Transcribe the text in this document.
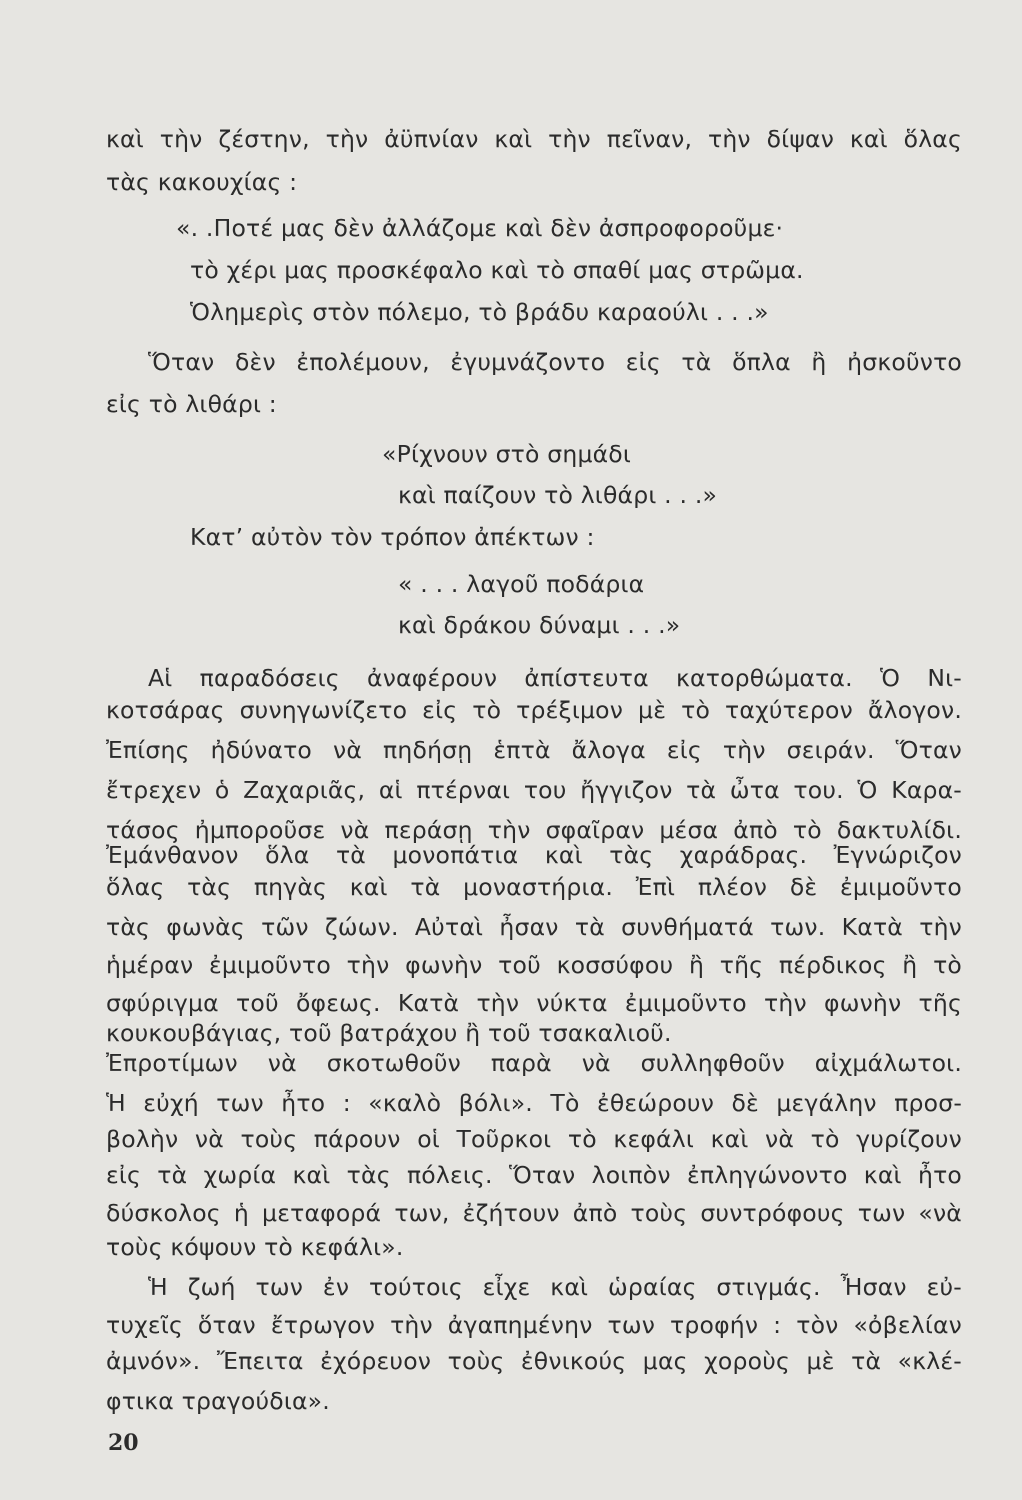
καὶ τὴν ζέστην, τὴν ἀϋπνίαν καὶ τὴν πεῖναν, τὴν δίψαν καὶ ὅλας
τὰς κακουχίας :
«. .Ποτέ μας δὲν ἀλλάζομε καὶ δὲν ἀσπροφοροῦμε·
τὸ χέρι μας προσκέφαλο καὶ τὸ σπαθί μας στρῶμα.
Ὁλημερὶς στὸν πόλεμο, τὸ βράδυ καραούλι . . .»
Ὅταν δὲν ἐπολέμουν, ἐγυμνάζοντο εἰς τὰ ὅπλα ἢ ἠσκοῦντο
εἰς τὸ λιθάρι :
«Ρίχνουν στὸ σημάδι
καὶ παίζουν τὸ λιθάρι . . .»
Κατ’ αὐτὸν τὸν τρόπον ἀπέκτων :
« . . . λαγοῦ ποδάρια
καὶ δράκου δύναμι . . .»
Αἱ παραδόσεις ἀναφέρουν ἀπίστευτα κατορθώματα. Ὁ Νι-
κοτσάρας συνηγωνίζετο εἰς τὸ τρέξιμον μὲ τὸ ταχύτερον ἄλογον.
Ἐπίσης ἠδύνατο νὰ πηδήσῃ ἑπτὰ ἄλογα εἰς τὴν σειράν. Ὅταν
ἔτρεχεν ὁ Ζαχαριᾶς, αἱ πτέρναι του ἤγγιζον τὰ ὦτα του. Ὁ Καρα-
τάσος ἠμποροῦσε νὰ περάσῃ τὴν σφαῖραν μέσα ἀπὸ τὸ δακτυλίδι.
Ἐμάνθανον ὅλα τὰ μονοπάτια καὶ τὰς χαράδρας. Ἐγνώριζον
ὅλας τὰς πηγὰς καὶ τὰ μοναστήρια. Ἐπὶ πλέον δὲ ἐμιμοῦντο
τὰς φωνὰς τῶν ζώων. Αὐταὶ ἦσαν τὰ συνθήματά των. Κατὰ τὴν
ἡμέραν ἐμιμοῦντο τὴν φωνὴν τοῦ κοσσύφου ἢ τῆς πέρδικος ἢ τὸ
σφύριγμα τοῦ ὄφεως. Κατὰ τὴν νύκτα ἐμιμοῦντο τὴν φωνὴν τῆς
κουκουβάγιας, τοῦ βατράχου ἢ τοῦ τσακαλιοῦ.
Ἐπροτίμων νὰ σκοτωθοῦν παρὰ νὰ συλληφθοῦν αἰχμάλωτοι.
Ἡ εὐχή των ἦτο : «καλὸ βόλι». Τὸ ἐθεώρουν δὲ μεγάλην προσ-
βολὴν νὰ τοὺς πάρουν οἱ Τοῦρκοι τὸ κεφάλι καὶ νὰ τὸ γυρίζουν
εἰς τὰ χωρία καὶ τὰς πόλεις. Ὅταν λοιπὸν ἐπληγώνοντο καὶ ἦτο
δύσκολος ἡ μεταφορά των, ἐζήτουν ἀπὸ τοὺς συντρόφους των «νὰ
τοὺς κόψουν τὸ κεφάλι».
Ἡ ζωή των ἐν τούτοις εἶχε καὶ ὡραίας στιγμάς. Ἦσαν εὐ-
τυχεῖς ὅταν ἔτρωγον τὴν ἀγαπημένην των τροφήν : τὸν «ὀβελίαν
ἀμνόν». Ἔπειτα ἐχόρευον τοὺς ἐθνικούς μας χοροὺς μὲ τὰ «κλέ-
φτικα τραγούδια».
20
